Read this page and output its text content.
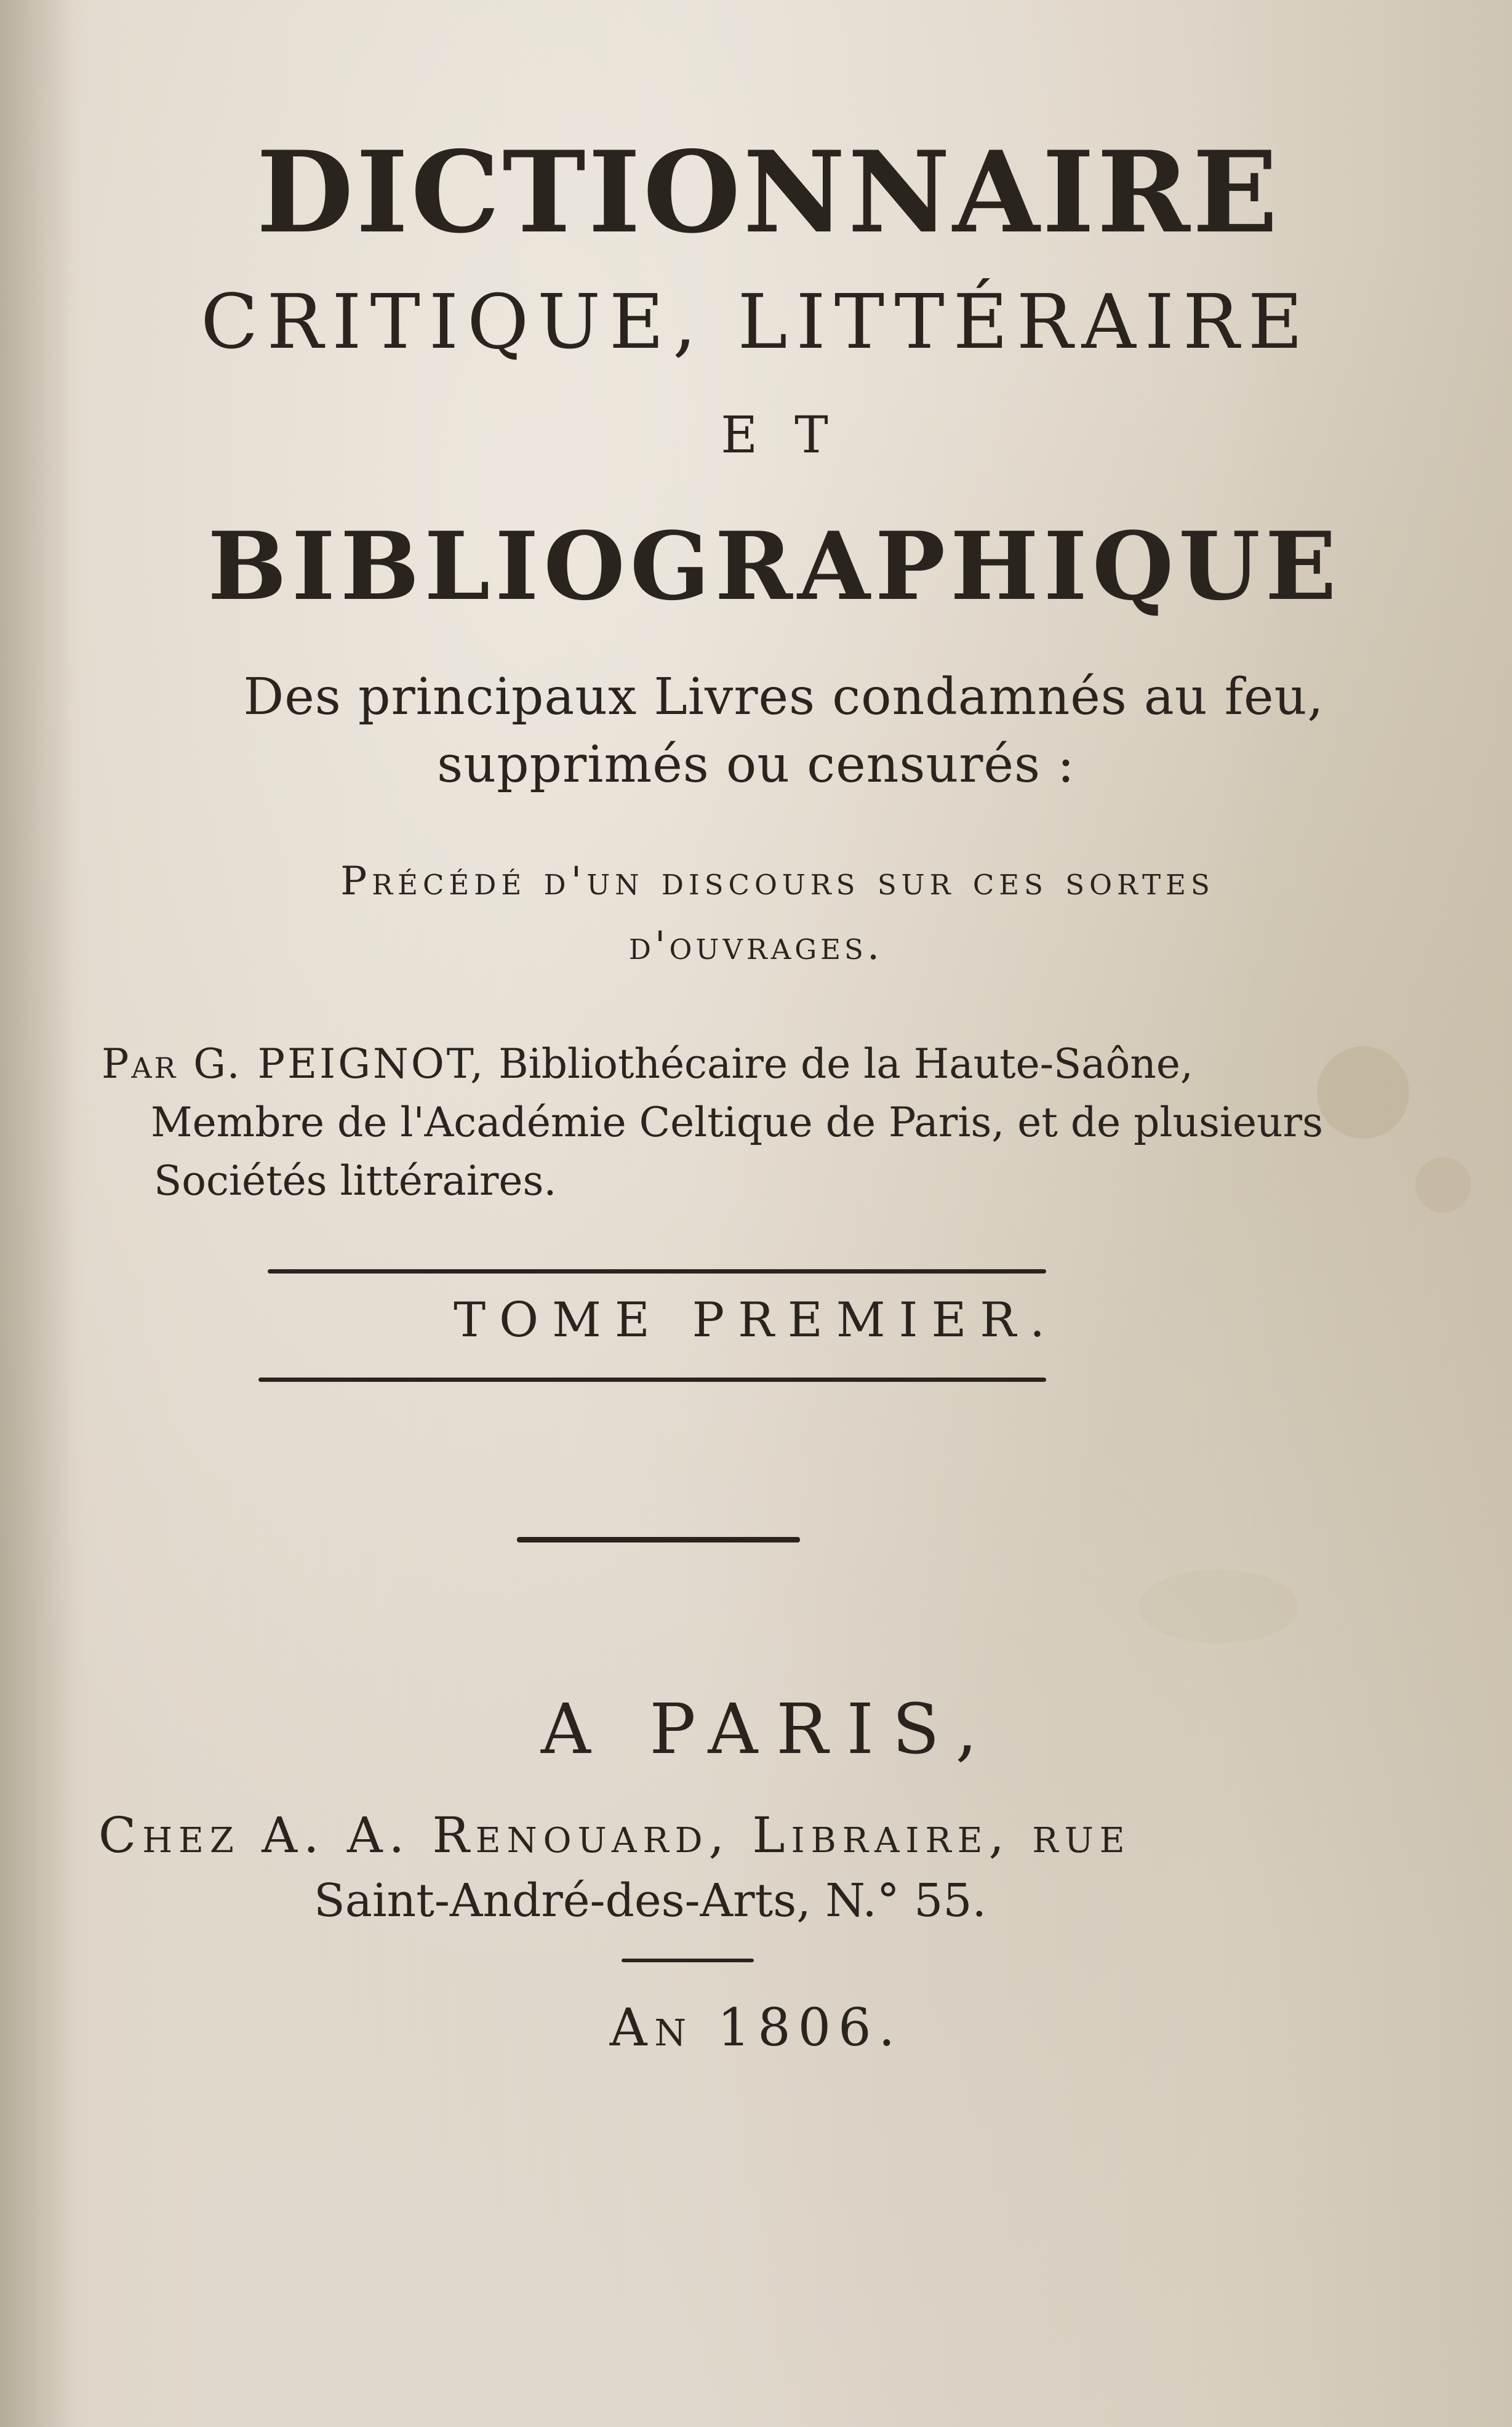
DICTIONNAIRE
CRITIQUE, LITTÉRAIRE
ET
BIBLIOGRAPHIQUE
Des principaux Livres condamnés au feu,
supprimés ou censurés :
Précédé d'un discours sur ces sortes
d'ouvrages.
Par G. PEIGNOT, Bibliothécaire de la Haute-Saône,
Membre de l'Académie Celtique de Paris, et de plusieurs
Sociétés littéraires.
TOME PREMIER.
A PARIS,
Chez A. A. Renouard, Libraire, rue
Saint-André-des-Arts, N.° 55.
An 1806.
